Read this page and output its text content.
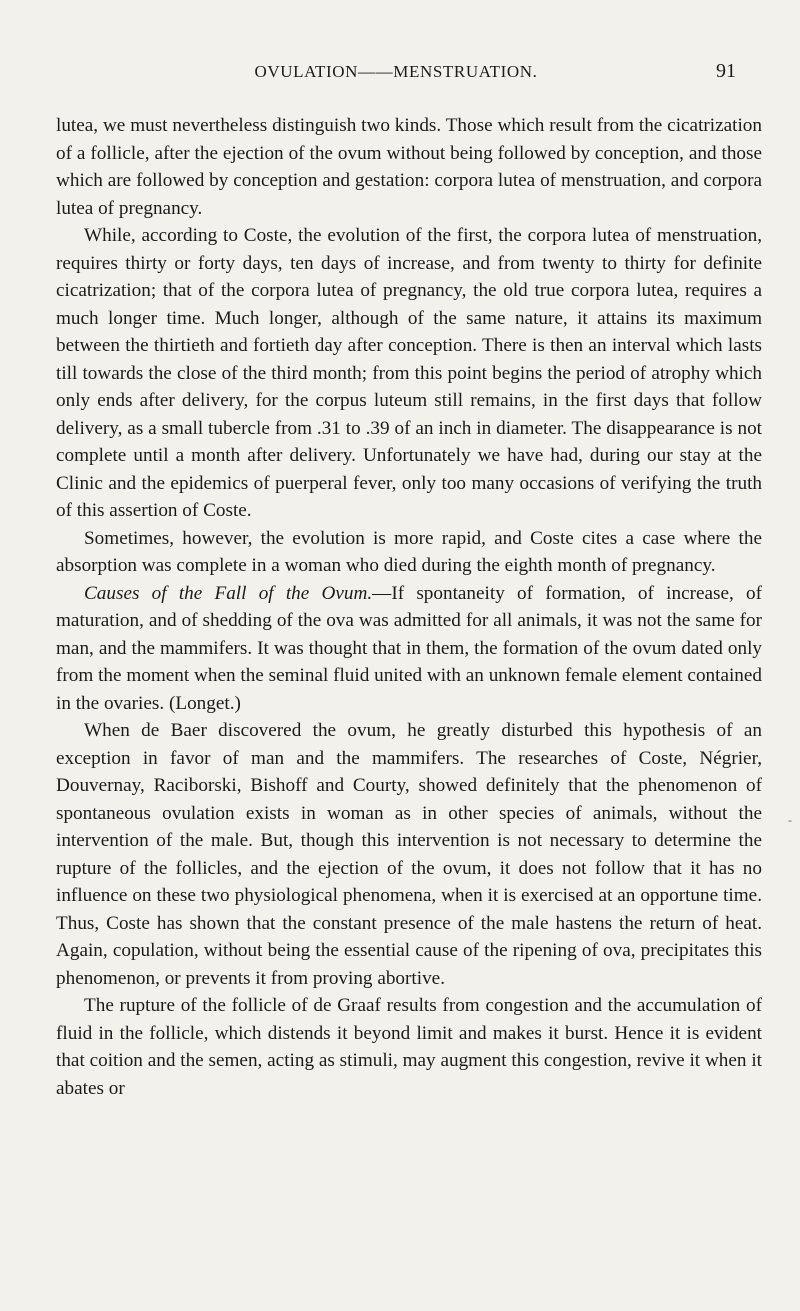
OVULATION——MENSTRUATION.	91

lutea, we must nevertheless distinguish two kinds. Those which result from the cicatrization of a follicle, after the ejection of the ovum without being followed by conception, and those which are followed by conception and gestation: corpora lutea of menstruation, and corpora lutea of pregnancy.

While, according to Coste, the evolution of the first, the corpora lutea of menstruation, requires thirty or forty days, ten days of increase, and from twenty to thirty for definite cicatrization; that of the corpora lutea of pregnancy, the old true corpora lutea, requires a much longer time. Much longer, although of the same nature, it attains its maximum between the thirtieth and fortieth day after conception. There is then an interval which lasts till towards the close of the third month; from this point begins the period of atrophy which only ends after delivery, for the corpus luteum still remains, in the first days that follow delivery, as a small tubercle from .31 to .39 of an inch in diameter. The disappearance is not complete until a month after delivery. Unfortunately we have had, during our stay at the Clinic and the epidemics of puerperal fever, only too many occasions of verifying the truth of this assertion of Coste.

Sometimes, however, the evolution is more rapid, and Coste cites a case where the absorption was complete in a woman who died during the eighth month of pregnancy.

Causes of the Fall of the Ovum.—If spontaneity of formation, of increase, of maturation, and of shedding of the ova was admitted for all animals, it was not the same for man, and the mammifers. It was thought that in them, the formation of the ovum dated only from the moment when the seminal fluid united with an unknown female element contained in the ovaries. (Longet.)

When de Baer discovered the ovum, he greatly disturbed this hypothesis of an exception in favor of man and the mammifers. The researches of Coste, Négrier, Douvernay, Raciborski, Bishoff and Courty, showed definitely that the phenomenon of spontaneous ovulation exists in woman as in other species of animals, without the intervention of the male. But, though this intervention is not necessary to determine the rupture of the follicles, and the ejection of the ovum, it does not follow that it has no influence on these two physiological phenomena, when it is exercised at an opportune time. Thus, Coste has shown that the constant presence of the male hastens the return of heat. Again, copulation, without being the essential cause of the ripening of ova, precipitates this phenomenon, or prevents it from proving abortive.

The rupture of the follicle of de Graaf results from congestion and the accumulation of fluid in the follicle, which distends it beyond limit and makes it burst. Hence it is evident that coition and the semen, acting as stimuli, may augment this congestion, revive it when it abates or

-
